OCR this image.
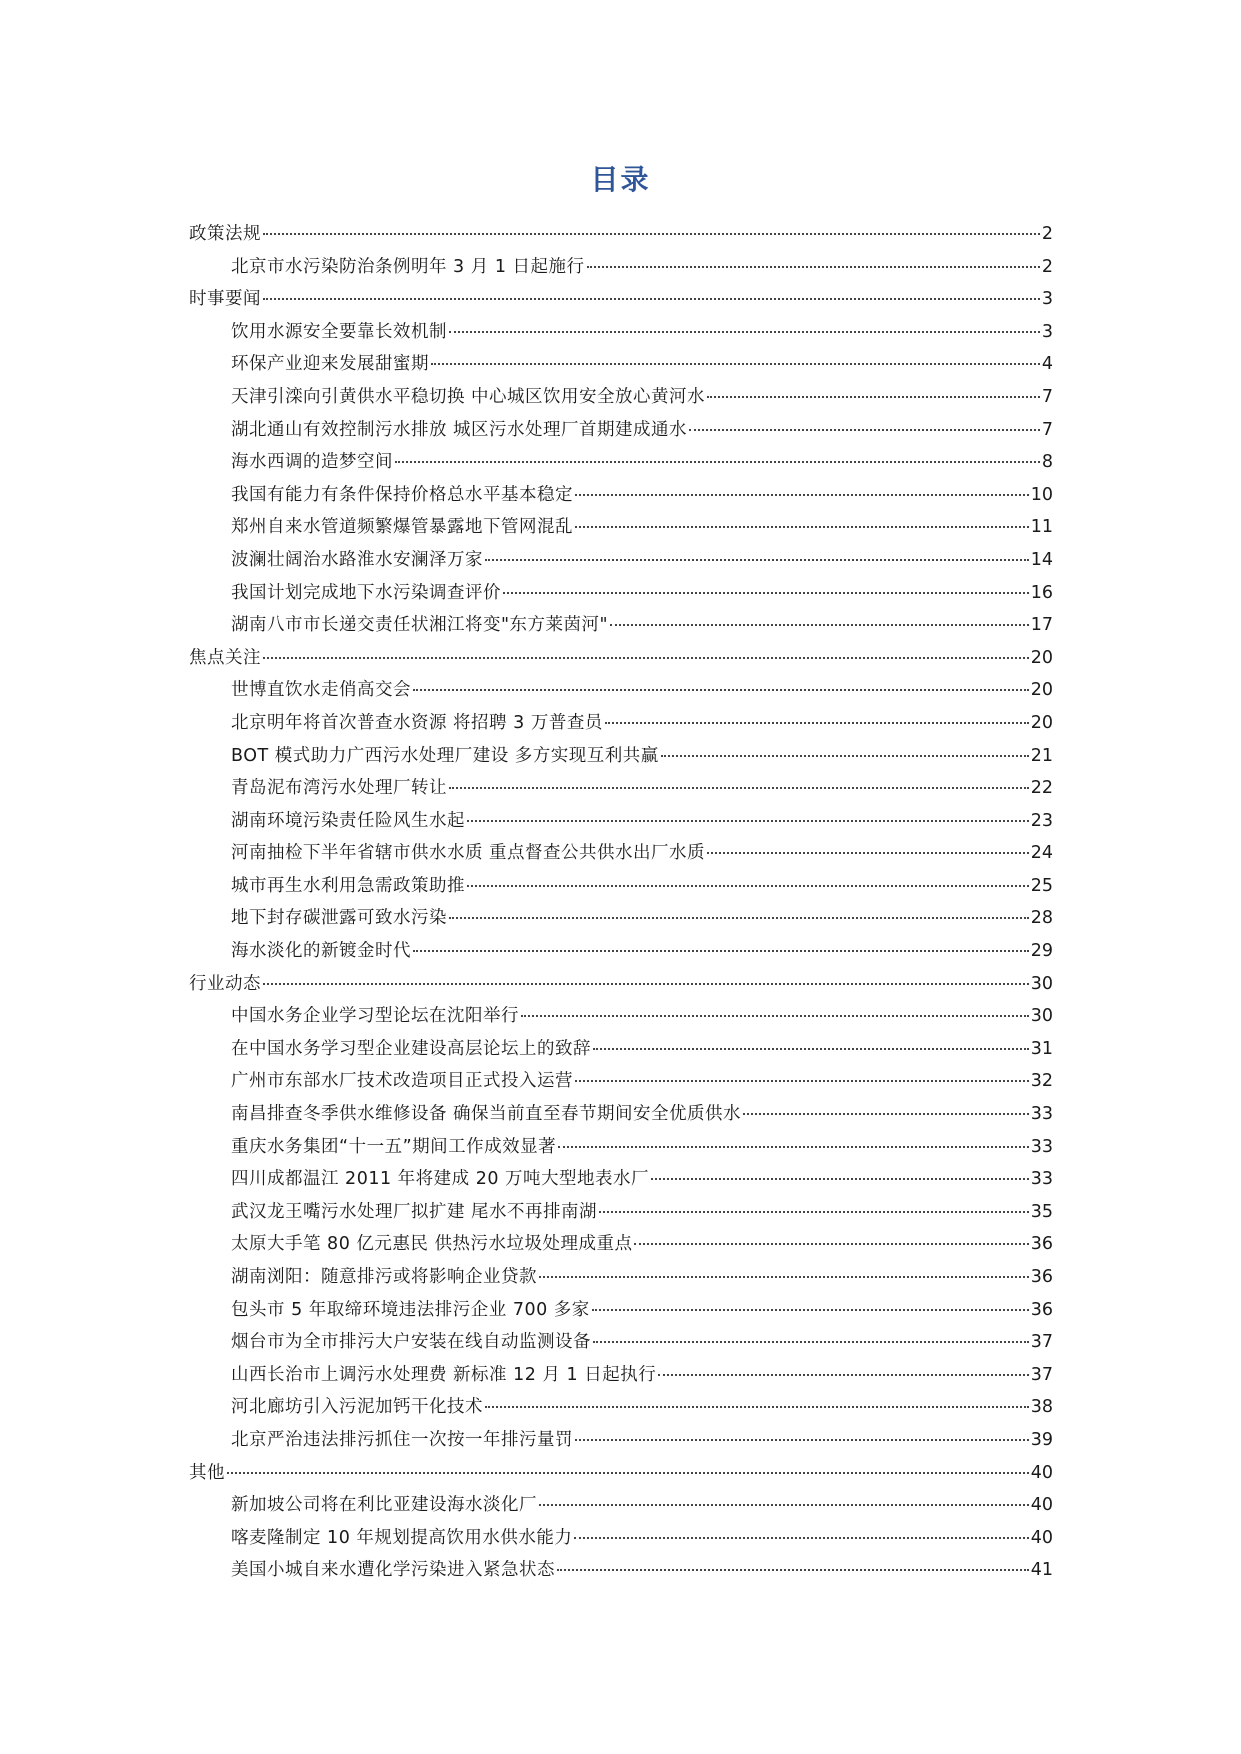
目录
政策法规	2
北京市水污染防治条例明年 3 月 1 日起施行	2
时事要闻	3
饮用水源安全要靠长效机制	3
环保产业迎来发展甜蜜期	4
天津引滦向引黄供水平稳切换 中心城区饮用安全放心黄河水	7
湖北通山有效控制污水排放 城区污水处理厂首期建成通水	7
海水西调的造梦空间	8
我国有能力有条件保持价格总水平基本稳定	10
郑州自来水管道频繁爆管暴露地下管网混乱	11
波澜壮阔治水路淮水安澜泽万家	14
我国计划完成地下水污染调查评价	16
湖南八市市长递交责任状湘江将变"东方莱茵河"	17
焦点关注	20
世博直饮水走俏高交会	20
北京明年将首次普查水资源 将招聘 3 万普查员	20
BOT 模式助力广西污水处理厂建设 多方实现互利共赢	21
青岛泥布湾污水处理厂转让	22
湖南环境污染责任险风生水起	23
河南抽检下半年省辖市供水水质 重点督查公共供水出厂水质	24
城市再生水利用急需政策助推	25
地下封存碳泄露可致水污染	28
海水淡化的新镀金时代	29
行业动态	30
中国水务企业学习型论坛在沈阳举行	30
在中国水务学习型企业建设高层论坛上的致辞	31
广州市东部水厂技术改造项目正式投入运营	32
南昌排查冬季供水维修设备 确保当前直至春节期间安全优质供水	33
重庆水务集团“十一五”期间工作成效显著	33
四川成都温江 2011 年将建成 20 万吨大型地表水厂	33
武汉龙王嘴污水处理厂拟扩建 尾水不再排南湖	35
太原大手笔 80 亿元惠民 供热污水垃圾处理成重点	36
湖南浏阳：随意排污或将影响企业贷款	36
包头市 5 年取缔环境违法排污企业 700 多家	36
烟台市为全市排污大户安装在线自动监测设备	37
山西长治市上调污水处理费 新标准 12 月 1 日起执行	37
河北廊坊引入污泥加钙干化技术	38
北京严治违法排污抓住一次按一年排污量罚	39
其他	40
新加坡公司将在利比亚建设海水淡化厂	40
喀麦隆制定 10 年规划提高饮用水供水能力	40
美国小城自来水遭化学污染进入紧急状态	41
